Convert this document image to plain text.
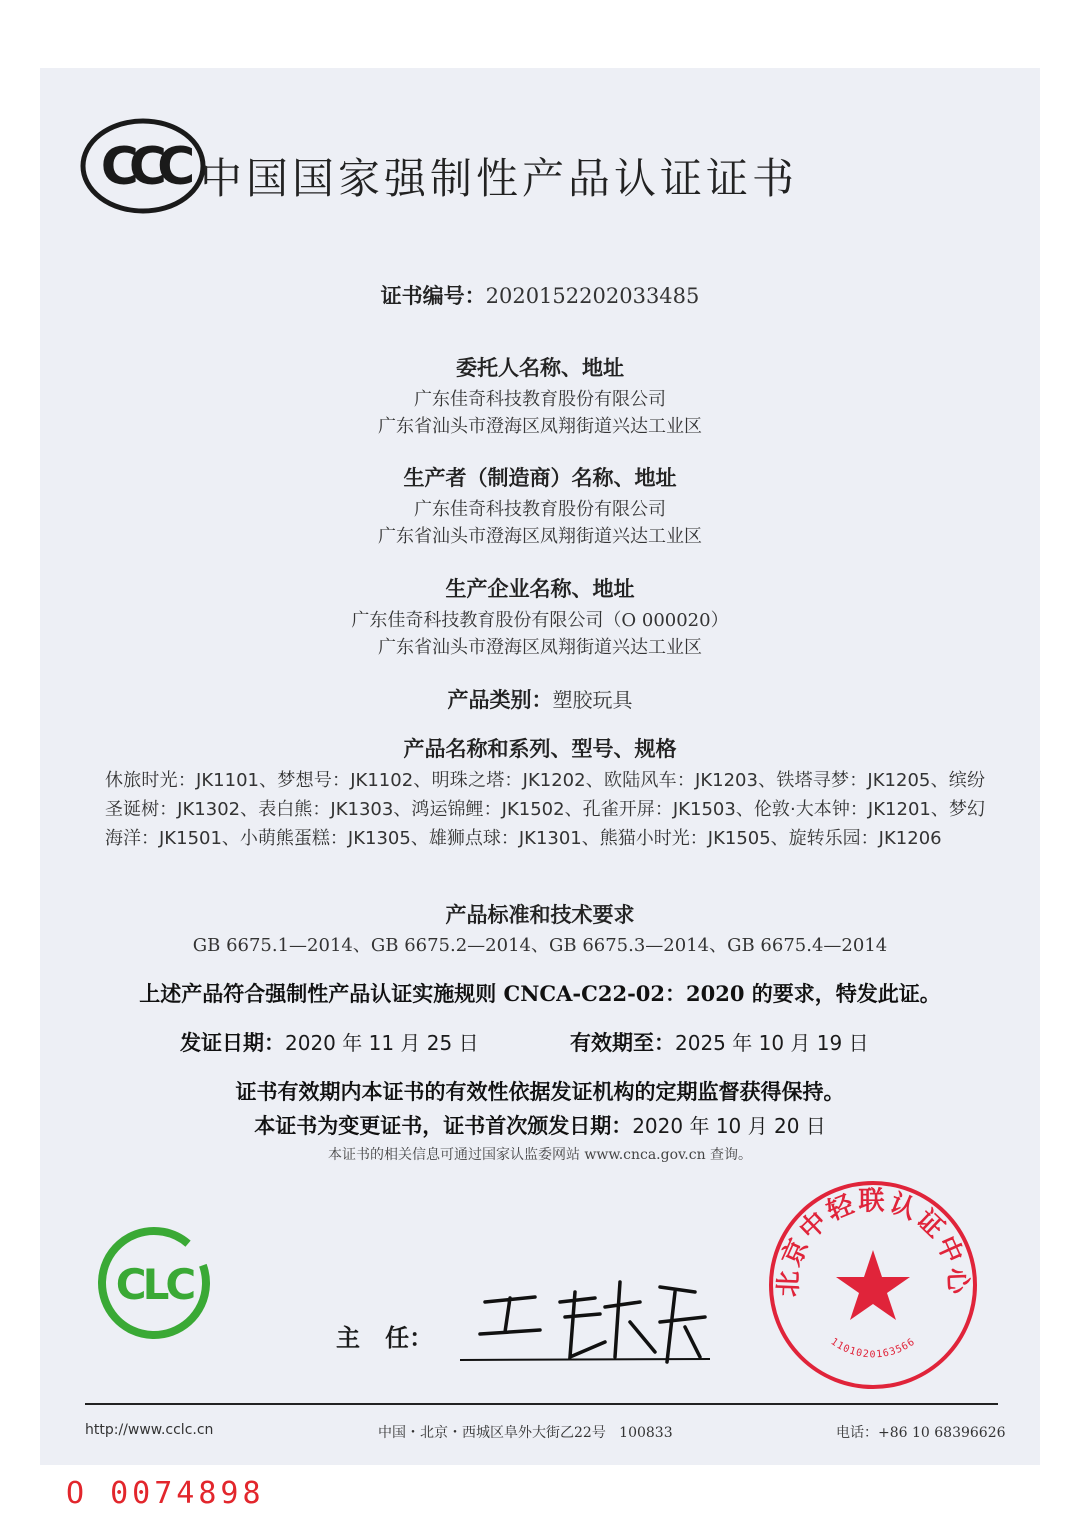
CCC 中国国家强制性产品认证证书
证书编号：2020152202033485
委托人名称、地址
广东佳奇科技教育股份有限公司
广东省汕头市澄海区凤翔街道兴达工业区
生产者（制造商）名称、地址
广东佳奇科技教育股份有限公司
广东省汕头市澄海区凤翔街道兴达工业区
生产企业名称、地址
广东佳奇科技教育股份有限公司（O 000020）
广东省汕头市澄海区凤翔街道兴达工业区
产品类别：塑胶玩具
产品名称和系列、型号、规格
休旅时光：JK1101、梦想号：JK1102、明珠之塔：JK1202、欧陆风车：JK1203、铁塔寻梦：JK1205、缤纷圣诞树：JK1302、表白熊：JK1303、鸿运锦鲤：JK1502、孔雀开屏：JK1503、伦敦·大本钟：JK1201、梦幻海洋：JK1501、小萌熊蛋糕：JK1305、雄狮点球：JK1301、熊猫小时光：JK1505、旋转乐园：JK1206
产品标准和技术要求
GB 6675.1—2014、GB 6675.2—2014、GB 6675.3—2014、GB 6675.4—2014
上述产品符合强制性产品认证实施规则 CNCA-C22-02：2020 的要求，特发此证。
发证日期：2020 年 11 月 25 日	有效期至：2025 年 10 月 19 日
证书有效期内本证书的有效性依据发证机构的定期监督获得保持。
本证书为变更证书，证书首次颁发日期：2020 年 10 月 20 日
本证书的相关信息可通过国家认监委网站 www.cnca.gov.cn 查询。
CLC
主   任：
北京中轻联认证中心
1101020163566
http://www.cclc.cn	中国・北京・西城区阜外大街乙22号   100833	电话：+86 10 68396626
O 0074898
